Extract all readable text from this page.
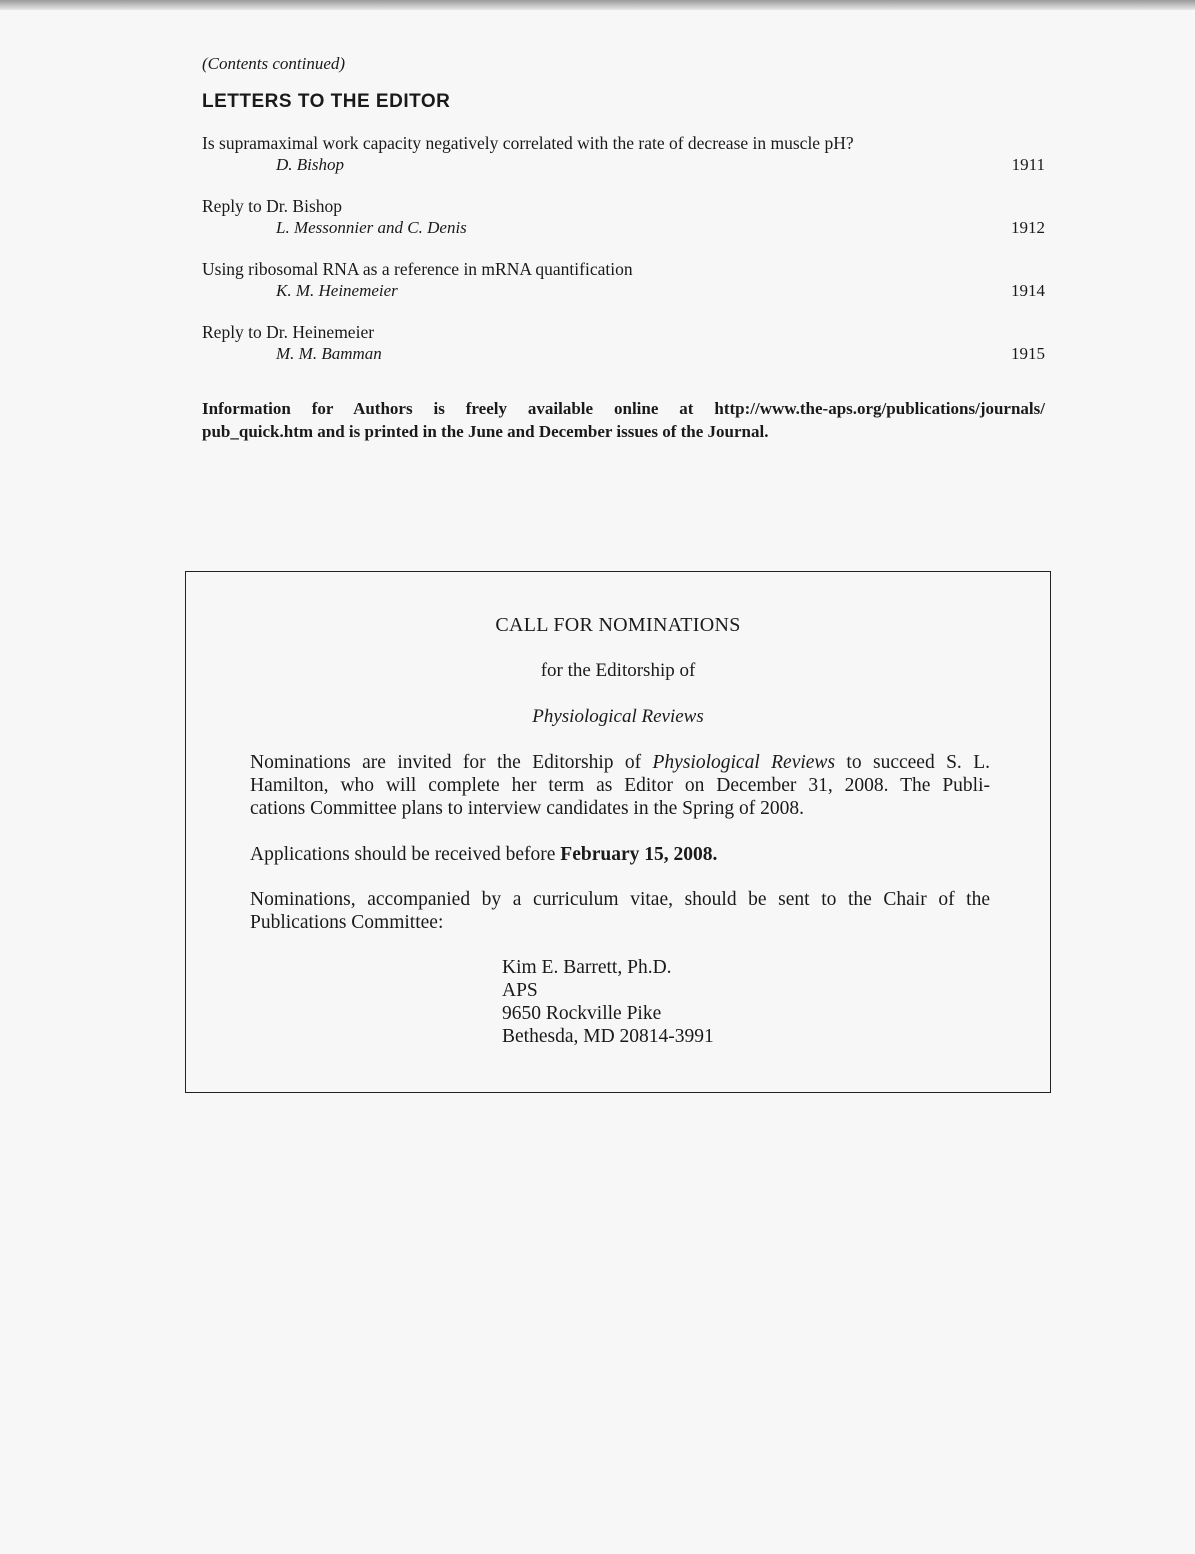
(Contents continued)
LETTERS TO THE EDITOR
Is supramaximal work capacity negatively correlated with the rate of decrease in muscle pH?
D. Bishop	1911
Reply to Dr. Bishop
L. Messonnier and C. Denis	1912
Using ribosomal RNA as a reference in mRNA quantification
K. M. Heinemeier	1914
Reply to Dr. Heinemeier
M. M. Bamman	1915
Information for Authors is freely available online at http://www.the-aps.org/publications/journals/
pub_quick.htm and is printed in the June and December issues of the Journal.
CALL FOR NOMINATIONS
for the Editorship of
Physiological Reviews
Nominations are invited for the Editorship of Physiological Reviews to succeed S. L.
Hamilton, who will complete her term as Editor on December 31, 2008. The Publi-
cations Committee plans to interview candidates in the Spring of 2008.
Applications should be received before February 15, 2008.
Nominations, accompanied by a curriculum vitae, should be sent to the Chair of the
Publications Committee:
Kim E. Barrett, Ph.D.
APS
9650 Rockville Pike
Bethesda, MD 20814-3991
